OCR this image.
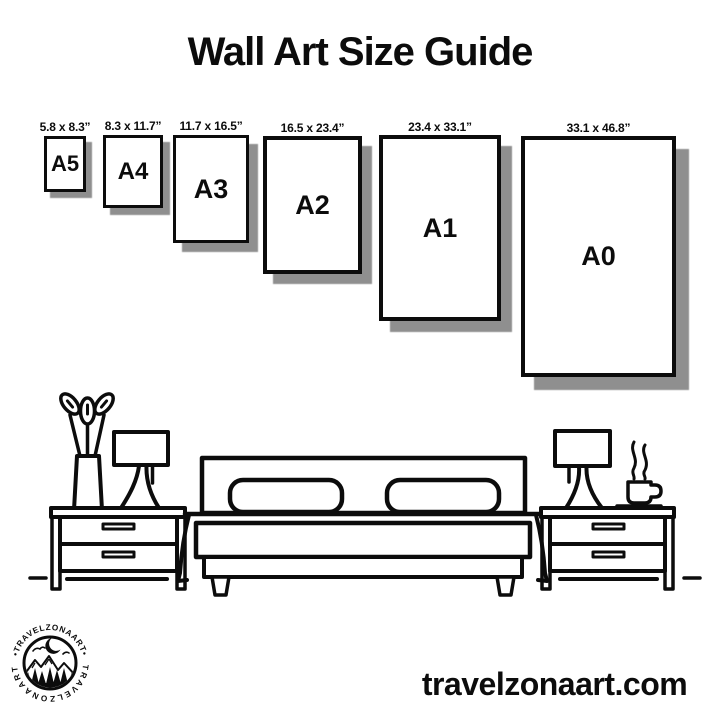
Wall Art Size Guide
A5
5.8 x 8.3”
A4
8.3 x 11.7”
A3
11.7 x 16.5”
A2
16.5 x 23.4”
A1
23.4 x 33.1”
A0
33.1 x 46.8”
•TRAVELZONAART•
TRAVELZONAART	travelzonaart.com
